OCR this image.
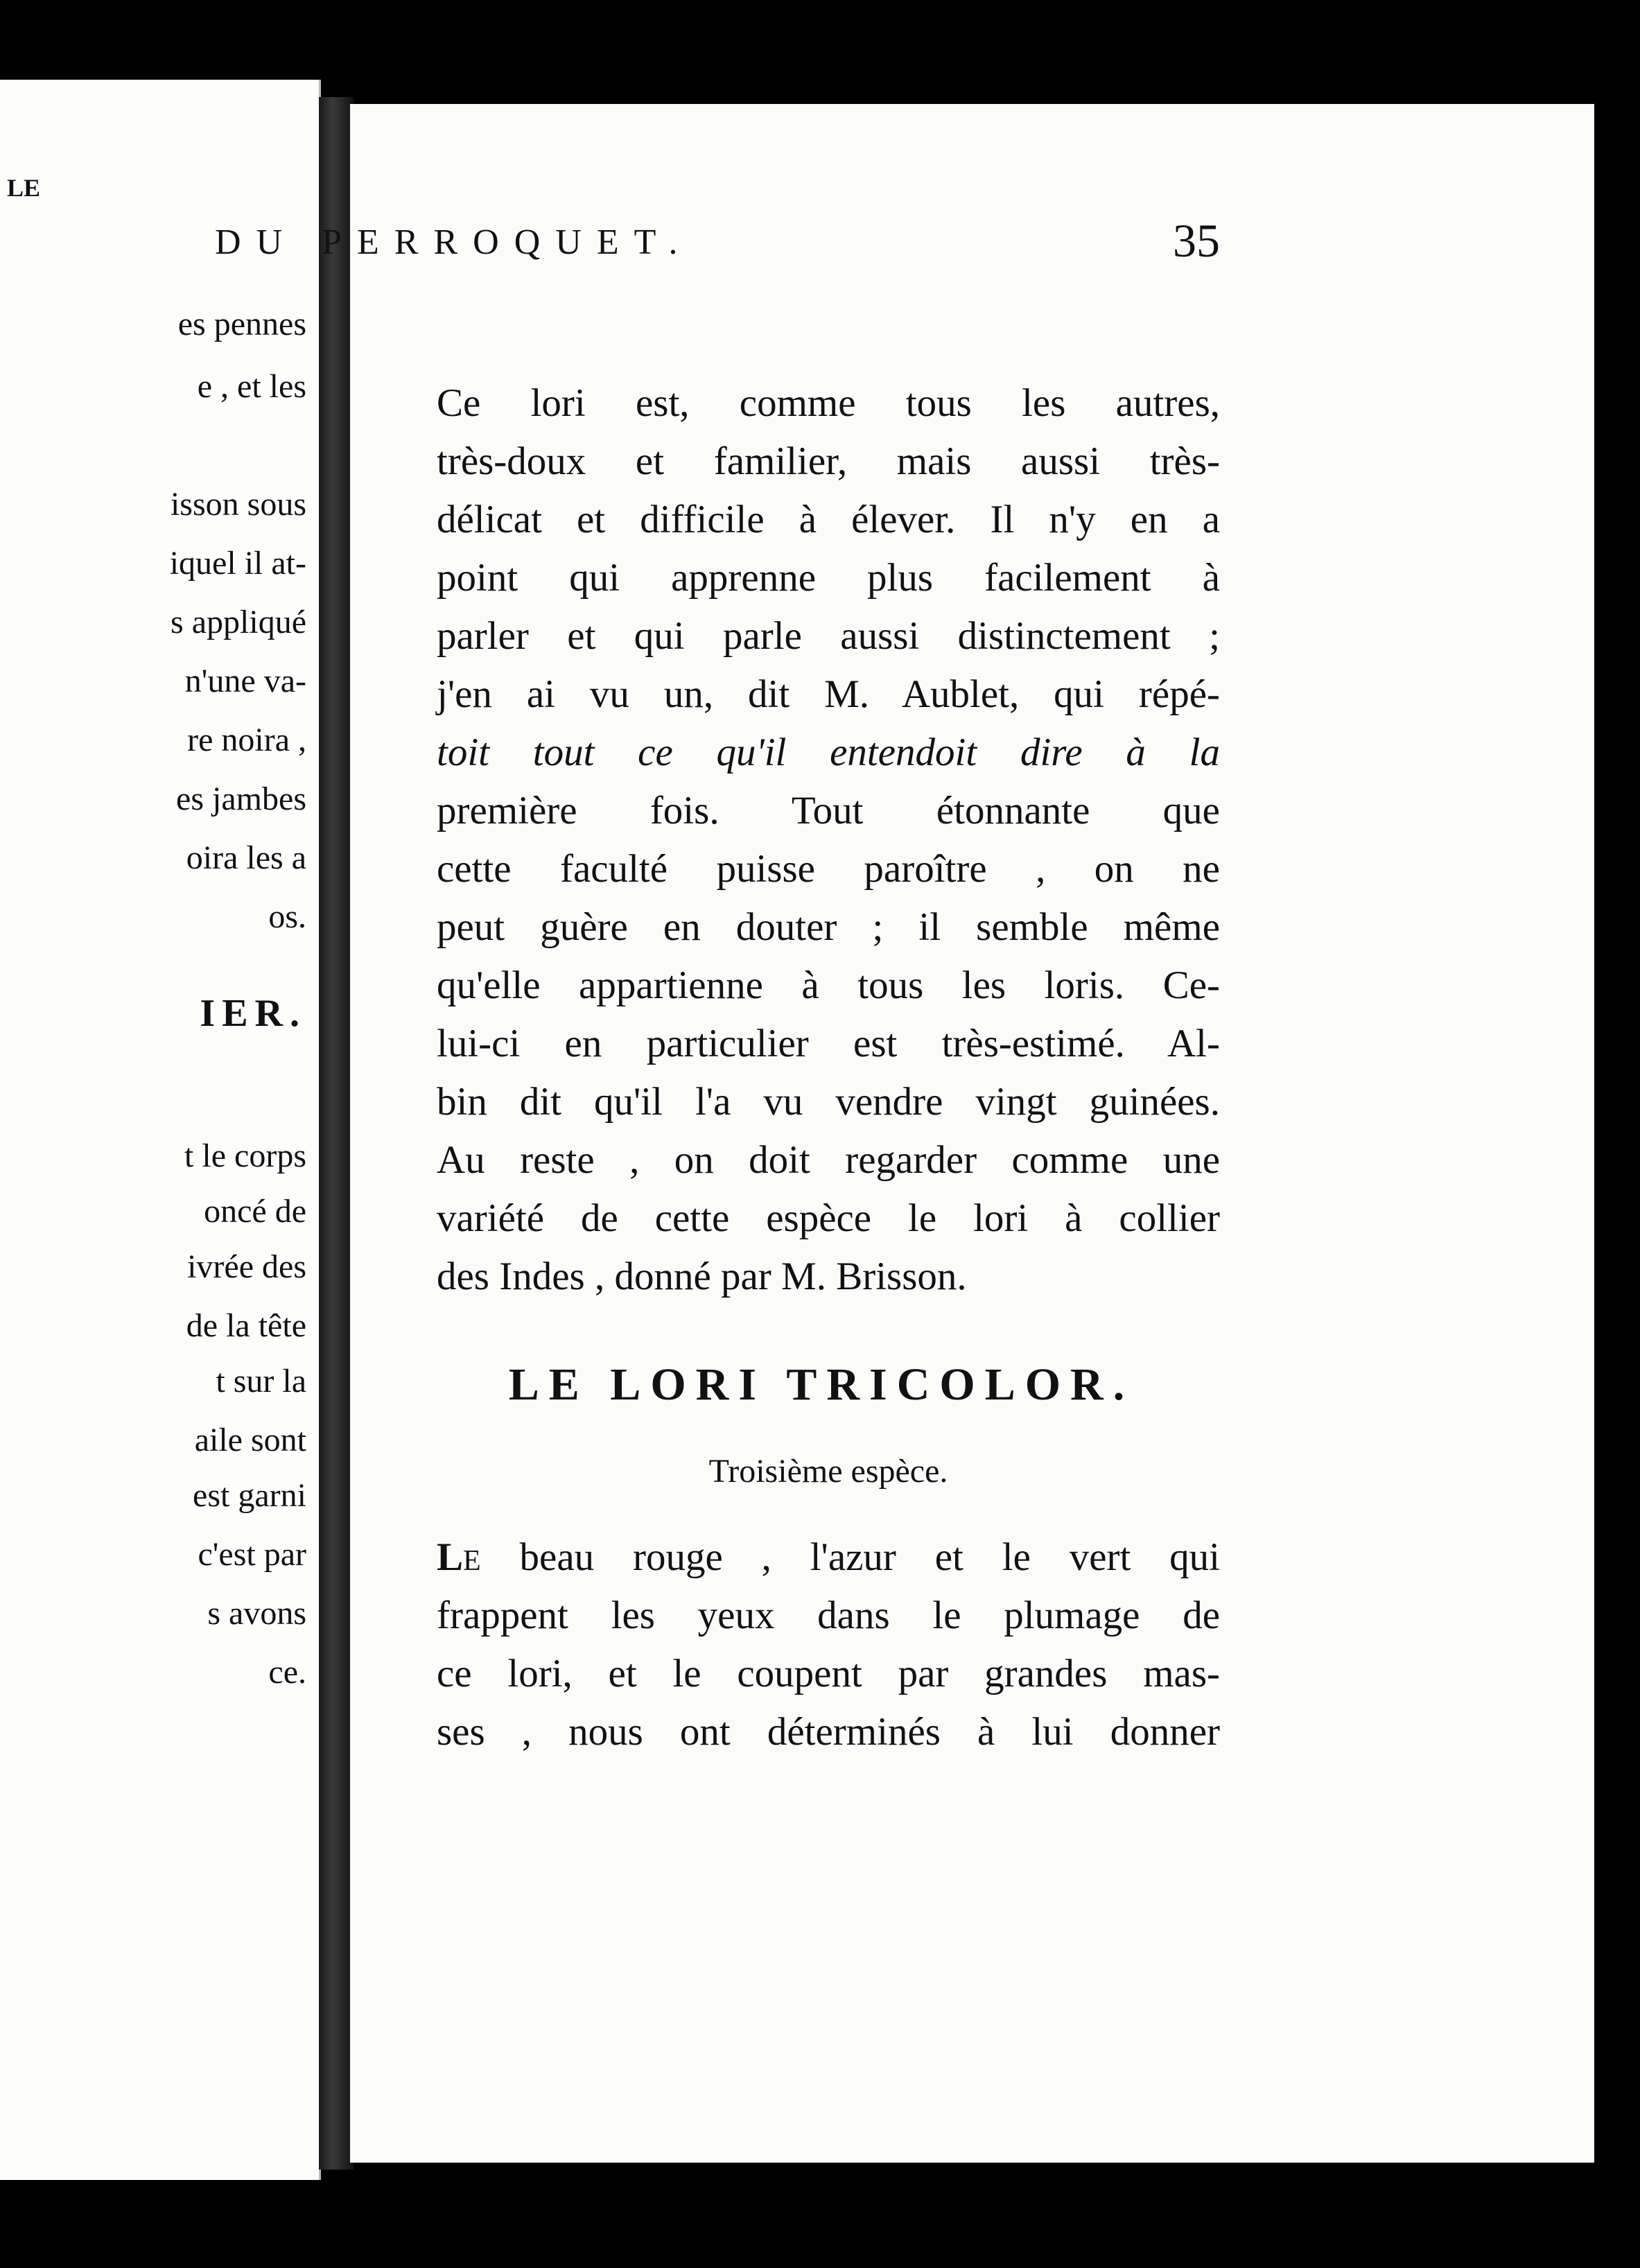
LE
es pennes
e , et les
isson sous
iquel il at-
s appliqué
n'une va-
re noira ,
es jambes
oira les a
os.
IER.
t le corps
oncé de
ivrée des
de la tête
t sur la
aile sont
est garni
c'est par
s avons
ce.
DU PERROQUET.	35
Ce lori est, comme tous les autres,
très-doux et familier, mais aussi très-
délicat et difficile à élever. Il n'y en a
point qui apprenne plus facilement à
parler et qui parle aussi distinctement ;
j'en ai vu un, dit M. Aublet, qui répé-
toit tout ce qu'il entendoit dire à la
première fois. Tout étonnante que
cette faculté puisse paroître , on ne
peut guère en douter ; il semble même
qu'elle appartienne à tous les loris. Ce-
lui-ci en particulier est très-estimé. Al-
bin dit qu'il l'a vu vendre vingt guinées.
Au reste , on doit regarder comme une
variété de cette espèce le lori à collier
des Indes , donné par M. Brisson.
LE LORI TRICOLOR.
Troisième espèce.
LE beau rouge , l'azur et le vert qui
frappent les yeux dans le plumage de
ce lori, et le coupent par grandes mas-
ses , nous ont déterminés à lui donner
